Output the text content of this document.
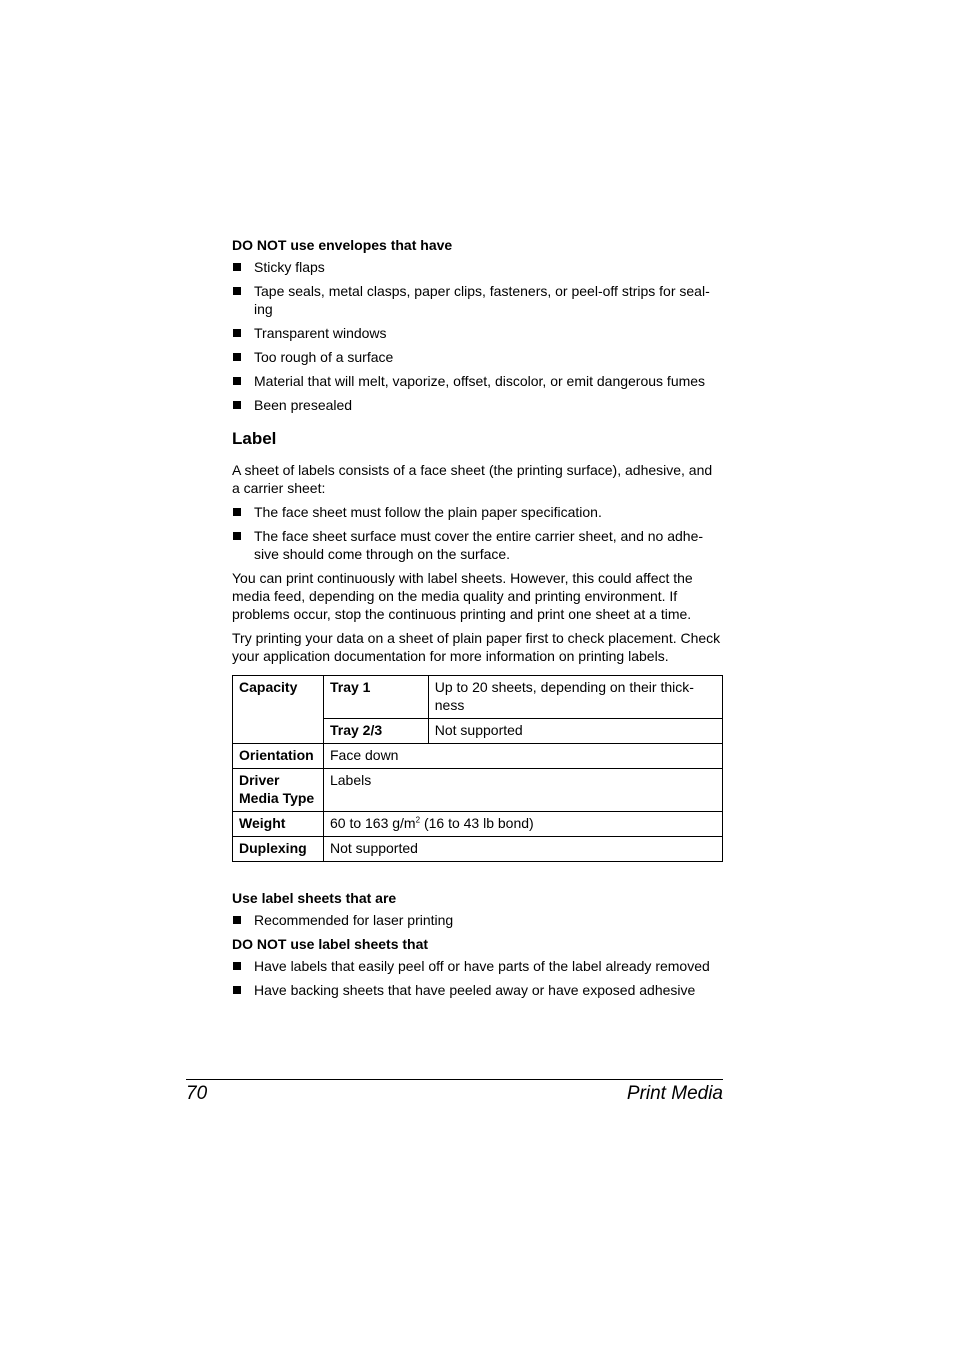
DO NOT use envelopes that have
Sticky flaps
Tape seals, metal clasps, paper clips, fasteners, or peel-off strips for seal-ing
Transparent windows
Too rough of a surface
Material that will melt, vaporize, offset, discolor, or emit dangerous fumes
Been presealed
Label

A sheet of labels consists of a face sheet (the printing surface), adhesive, and a carrier sheet:

The face sheet must follow the plain paper specification.
The face sheet surface must cover the entire carrier sheet, and no adhe-sive should come through on the surface.

You can print continuously with label sheets. However, this could affect the media feed, depending on the media quality and printing environment. If problems occur, stop the continuous printing and print one sheet at a time.

Try printing your data on a sheet of plain paper first to check placement. Check your application documentation for more information on printing labels.

Capacity	Tray 1	Up to 20 sheets, depending on their thick-ness
	Tray 2/3	Not supported
Orientation	Face down	
Driver
Media Type	Labels	
Weight	60 to 163 $g/m^2$ (16 to 43 lb bond)	
Duplexing	Not supported	
Use label sheets that are
Recommended for laser printing
DO NOT use label sheets that
Have labels that easily peel off or have parts of the label already removed
Have backing sheets that have peeled away or have exposed adhesive
70	Print Media
